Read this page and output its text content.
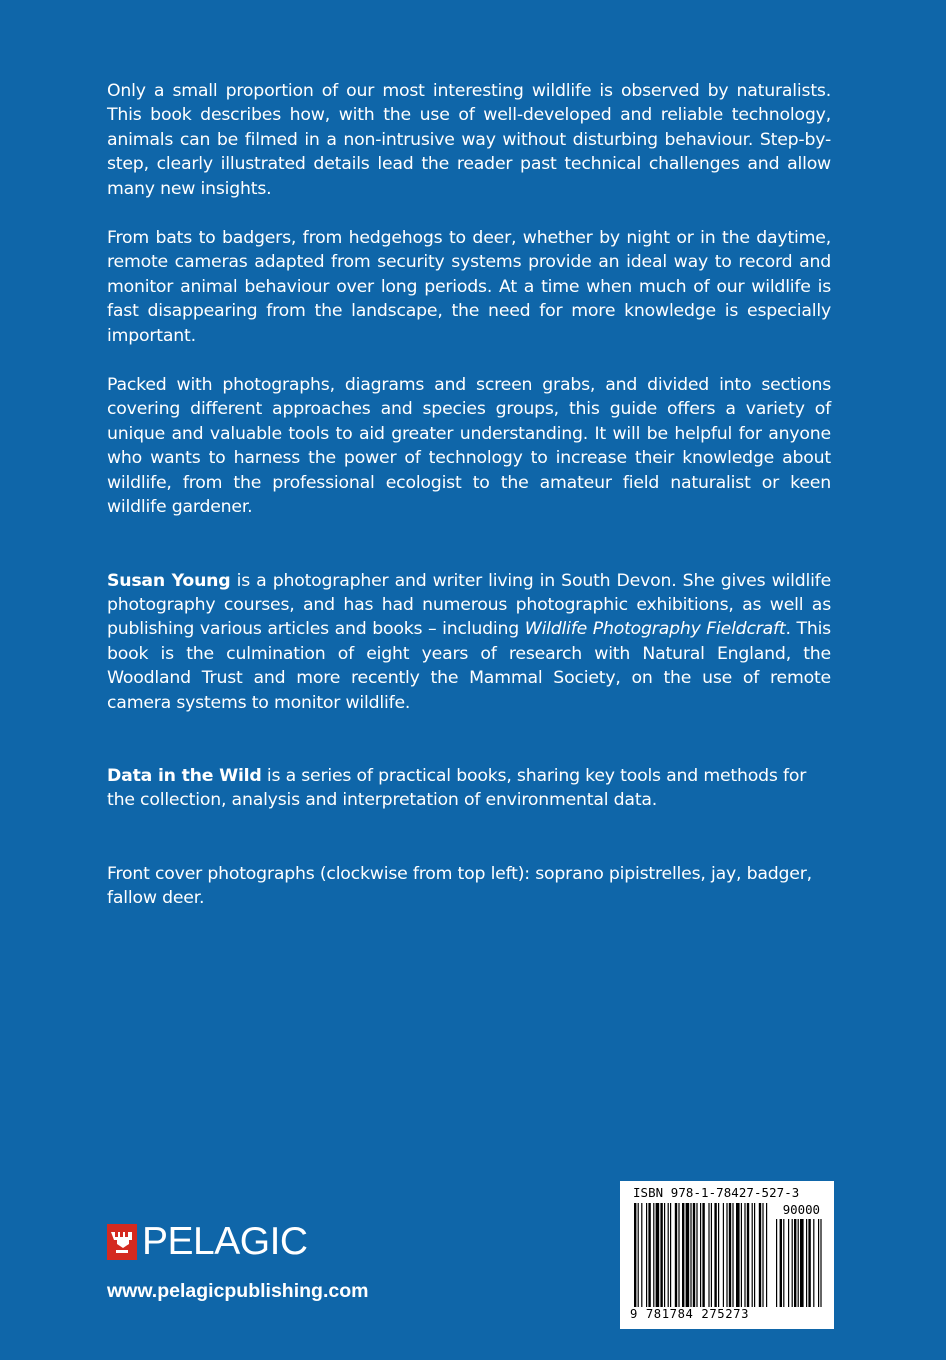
Only a small proportion of our most interesting wildlife is observed by naturalists. This book describes how, with the use of well-developed and reliable technology, animals can be filmed in a non-intrusive way without disturbing behaviour. Step-by-step, clearly illustrated details lead the reader past technical challenges and allow many new insights.

From bats to badgers, from hedgehogs to deer, whether by night or in the daytime, remote cameras adapted from security systems provide an ideal way to record and monitor animal behaviour over long periods. At a time when much of our wildlife is fast disappearing from the landscape, the need for more knowledge is especially important.

Packed with photographs, diagrams and screen grabs, and divided into sections covering different approaches and species groups, this guide offers a variety of unique and valuable tools to aid greater understanding. It will be helpful for anyone who wants to harness the power of technology to increase their knowledge about wildlife, from the professional ecologist to the amateur field naturalist or keen wildlife gardener.

Susan Young is a photographer and writer living in South Devon. She gives wildlife photography courses, and has had numerous photographic exhibitions, as well as publishing various articles and books – including Wildlife Photography Fieldcraft. This book is the culmination of eight years of research with Natural England, the Woodland Trust and more recently the Mammal Society, on the use of remote camera systems to monitor wildlife.

Data in the Wild is a series of practical books, sharing key tools and methods for the collection, analysis and interpretation of environmental data.

Front cover photographs (clockwise from top left): soprano pipistrelles, jay, badger, fallow deer.

PELAGIC
www.pelagicpublishing.com
ISBN 978-1-78427-527-3
90000
9 781784 275273
